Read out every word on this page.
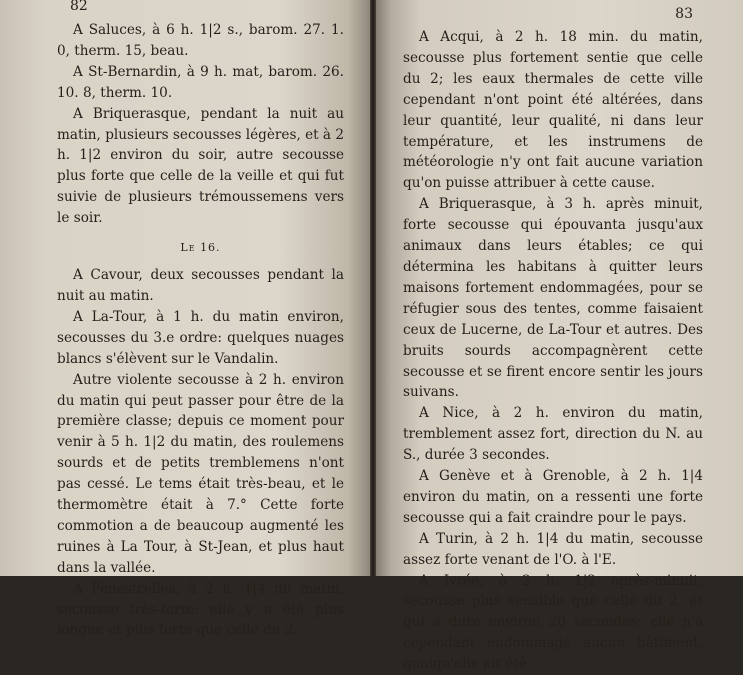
82

A Saluces, à 6 h. 1|2 s., barom. 27. 1. 0, therm. 15, beau.

A St-Bernardin, à 9 h. mat, barom. 26. 10. 8, therm. 10.

A Briquerasque, pendant la nuit au matin, plusieurs secousses légères, et à 2 h. 1|2 environ du soir, autre secousse plus forte que celle de la veille et qui fut suivie de plusieurs trémoussemens vers le soir.

Le 16.

A Cavour, deux secousses pendant la nuit au matin.

A La-Tour, à 1 h. du matin environ, secousses du 3.e ordre: quelques nuages blancs s'élèvent sur le Vandalin.

Autre violente secousse à 2 h. environ du matin qui peut passer pour être de la première classe; depuis ce moment pour venir à 5 h. 1|2 du matin, des roulemens sourds et de petits tremblemens n'ont pas cessé. Le tems était très-beau, et le thermomètre était à 7.° Cette forte commotion a de beaucoup augmenté les ruines à La Tour, à St-Jean, et plus haut dans la vallée.

A Fenestrelles, à 2 h. 1|4 du matin, secousse très-forte: elle y a été plus longue et plus forte que celle du 2.

83

A Acqui, à 2 h. 18 min. du matin, secousse plus fortement sentie que celle du 2; les eaux thermales de cette ville cependant n'ont point été altérées, dans leur quantité, leur qualité, ni dans leur température, et les instrumens de météorologie n'y ont fait aucune variation qu'on puisse attribuer à cette cause.

A Briquerasque, à 3 h. après minuit, forte secousse qui épouvanta jusqu'aux animaux dans leurs étables; ce qui détermina les habitans à quitter leurs maisons fortement endommagées, pour se réfugier sous des tentes, comme faisaient ceux de Lucerne, de La-Tour et autres. Des bruits sourds accompagnèrent cette secousse et se firent encore sentir les jours suivans.

A Nice, à 2 h. environ du matin, tremblement assez fort, direction du N. au S., durée 3 secondes.

A Genève et à Grenoble, à 2 h. 1|4 environ du matin, on a ressenti une forte secousse qui a fait craindre pour le pays.

A Turin, à 2 h. 1|4 du matin, secousse assez forte venant de l'O. à l'E.

A Ivrée, à 2 h. 1|2 après-minuit, secousse plus sensible que celle du 2, et qui a duré environ 20 secondes; elle n'a cependant endommagé aucun bâtiment, quoiqu'elle ait été
